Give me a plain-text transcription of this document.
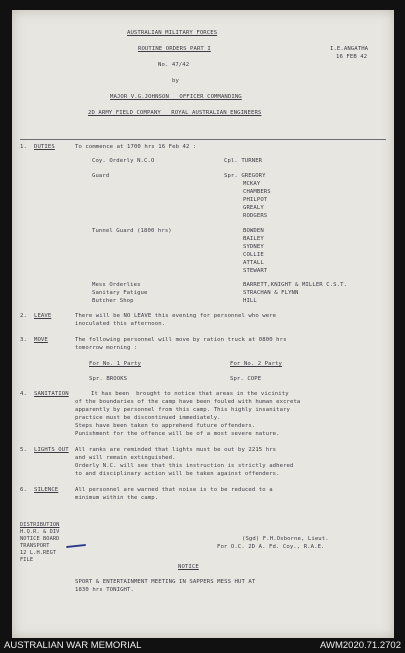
AUSTRALIAN MILITARY FORCES
ROUTINE ORDERS PART I	I.E.ANGATHA
16 FEB 42
No. 47/42
by
MAJOR V.G.JOHNSON   OFFICER COMMANDING
2D ARMY FIELD COMPANY   ROYAL AUSTRALIAN ENGINEERS
1. DUTIES	To commence at 1700 hrs 16 Feb 42 :
Coy. Orderly N.C.O	Cpl. TURNER
Guard	Spr. GREGORY
MCKAY
CHAMBERS
PHILPOT
GREALY
RODGERS
Tunnel Guard (1800 hrs)	BOWDEN
BAILEY
SYDNEY
COLLIE
ATTALL
STEWART
Mess Orderlies	BARRETT,KNIGHT & MILLER C.S.T.
Sanitary Fatigue	STRACHAN & FLYNN
Butcher Shop	HILL
2. LEAVE	There will be NO LEAVE this evening for personnel who were
inoculated this afternoon.
3. MOVE	The following personnel will move by ration truck at 0800 hrs
tomorrow morning :
For No. 1 Party	For No. 2 Party
Spr. BROOKS	Spr. COPE
4. SANITATION	It has been  brought to notice that areas in the vicinity
of the boundaries of the camp have been fouled with human excreta
apparently by personnel from this camp. This highly insanitary
practice must be discontinued immediately.
Steps have been taken to apprehend future offenders.
Punishment for the offence will be of a most severe nature.
5. LIGHTS OUT All ranks are reminded that lights must be out by 2215 hrs
and will remain extinguished.
Orderly N.C. will see that this instruction is strictly adhered
to and disciplinary action will be taken against offenders.
6. SILENCE	All personnel are warned that noise is to be reduced to a
minimum within the camp.
DISTRIBUTION
H.Q.R. & DIV
NOTICE BOARD
TRANSPORT
12 L.H.REGT
FILE
(Sgd) F.H.Osborne, Lieut.
For O.C. 2D A. Fd. Coy., R.A.E.
NOTICE
SPORT & ENTERTAINMENT MEETING IN SAPPERS MESS HUT AT
1830 hrs TONIGHT.
AUSTRALIAN WAR MEMORIAL	AWM2020.71.2702
